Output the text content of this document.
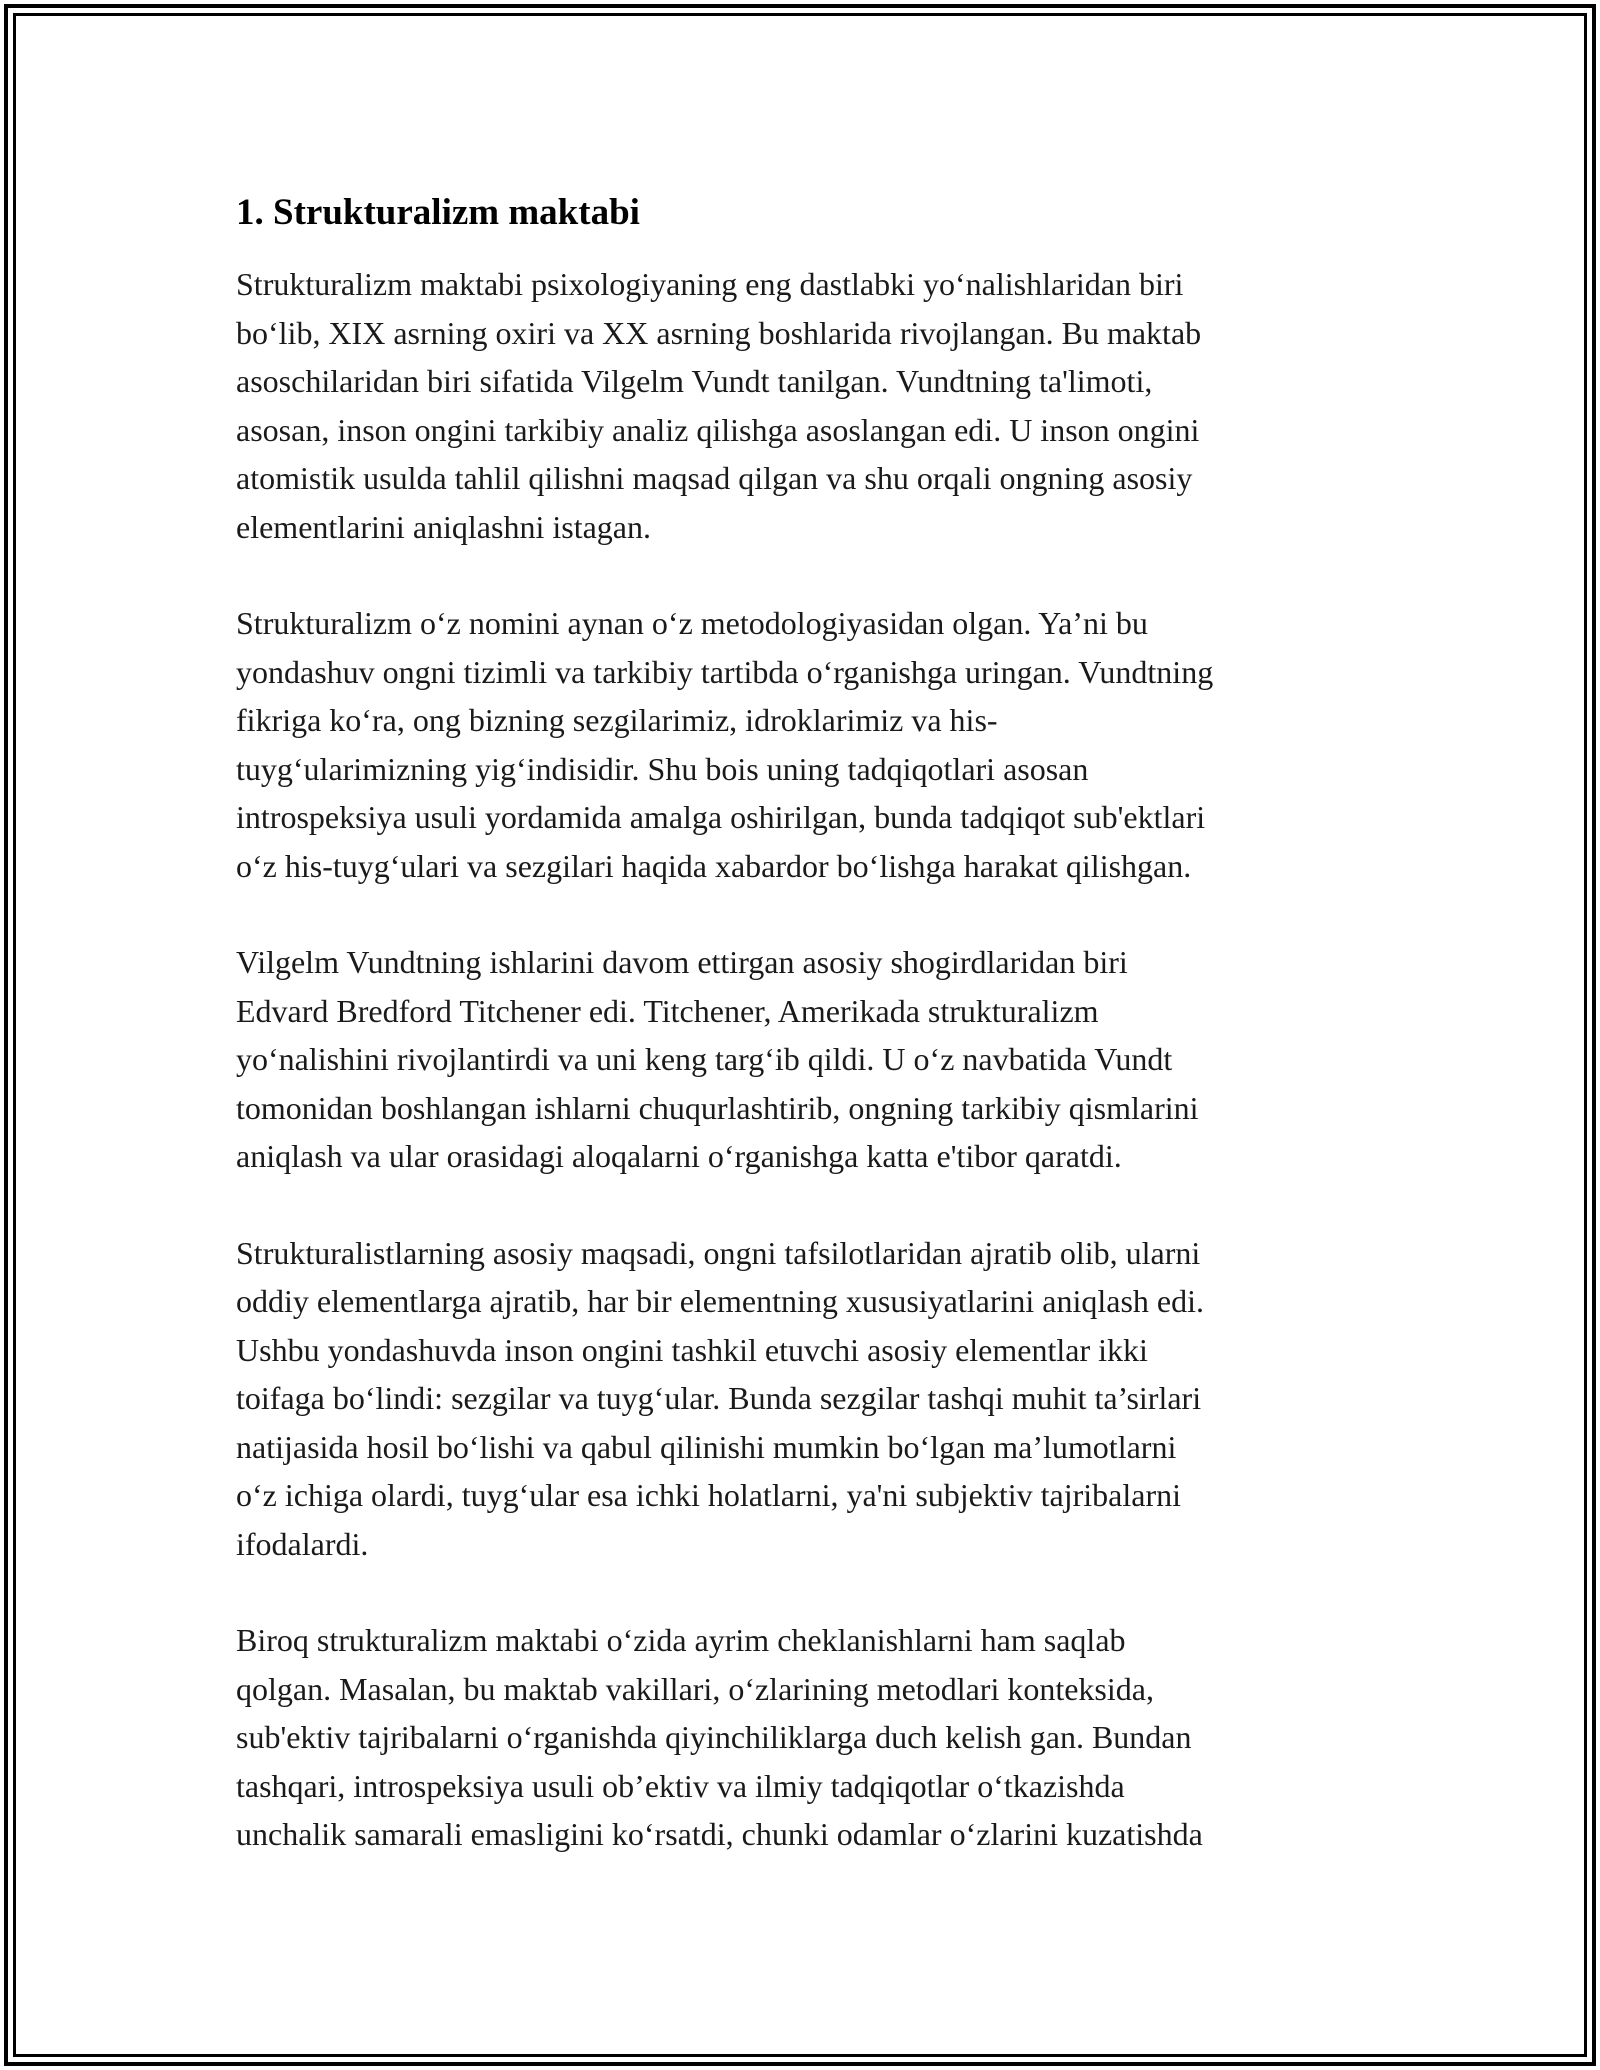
1. Strukturalizm maktabi

Strukturalizm maktabi psixologiyaning eng dastlabki yo‘nalishlaridan biri
bo‘lib, XIX asrning oxiri va XX asrning boshlarida rivojlangan. Bu maktab
asoschilaridan biri sifatida Vilgelm Vundt tanilgan. Vundtning ta'limoti,
asosan, inson ongini tarkibiy analiz qilishga asoslangan edi. U inson ongini
atomistik usulda tahlil qilishni maqsad qilgan va shu orqali ongning asosiy
elementlarini aniqlashni istagan.

Strukturalizm o‘z nomini aynan o‘z metodologiyasidan olgan. Ya’ni bu
yondashuv ongni tizimli va tarkibiy tartibda o‘rganishga uringan. Vundtning
fikriga ko‘ra, ong bizning sezgilarimiz, idroklarimiz va his-
tuyg‘ularimizning yig‘indisidir. Shu bois uning tadqiqotlari asosan
introspeksiya usuli yordamida amalga oshirilgan, bunda tadqiqot sub'ektlari
o‘z his-tuyg‘ulari va sezgilari haqida xabardor bo‘lishga harakat qilishgan.

Vilgelm Vundtning ishlarini davom ettirgan asosiy shogirdlaridan biri
Edvard Bredford Titchener edi. Titchener, Amerikada strukturalizm
yo‘nalishini rivojlantirdi va uni keng targ‘ib qildi. U o‘z navbatida Vundt
tomonidan boshlangan ishlarni chuqurlashtirib, ongning tarkibiy qismlarini
aniqlash va ular orasidagi aloqalarni o‘rganishga katta e'tibor qaratdi.

Strukturalistlarning asosiy maqsadi, ongni tafsilotlaridan ajratib olib, ularni
oddiy elementlarga ajratib, har bir elementning xususiyatlarini aniqlash edi.
Ushbu yondashuvda inson ongini tashkil etuvchi asosiy elementlar ikki
toifaga bo‘lindi: sezgilar va tuyg‘ular. Bunda sezgilar tashqi muhit ta’sirlari
natijasida hosil bo‘lishi va qabul qilinishi mumkin bo‘lgan ma’lumotlarni
o‘z ichiga olardi, tuyg‘ular esa ichki holatlarni, ya'ni subjektiv tajribalarni
ifodalardi.

Biroq strukturalizm maktabi o‘zida ayrim cheklanishlarni ham saqlab
qolgan. Masalan, bu maktab vakillari, o‘zlarining metodlari konteksida,
sub'ektiv tajribalarni o‘rganishda qiyinchiliklarga duch kelish gan. Bundan
tashqari, introspeksiya usuli ob’ektiv va ilmiy tadqiqotlar o‘tkazishda
unchalik samarali emasligini ko‘rsatdi, chunki odamlar o‘zlarini kuzatishda
